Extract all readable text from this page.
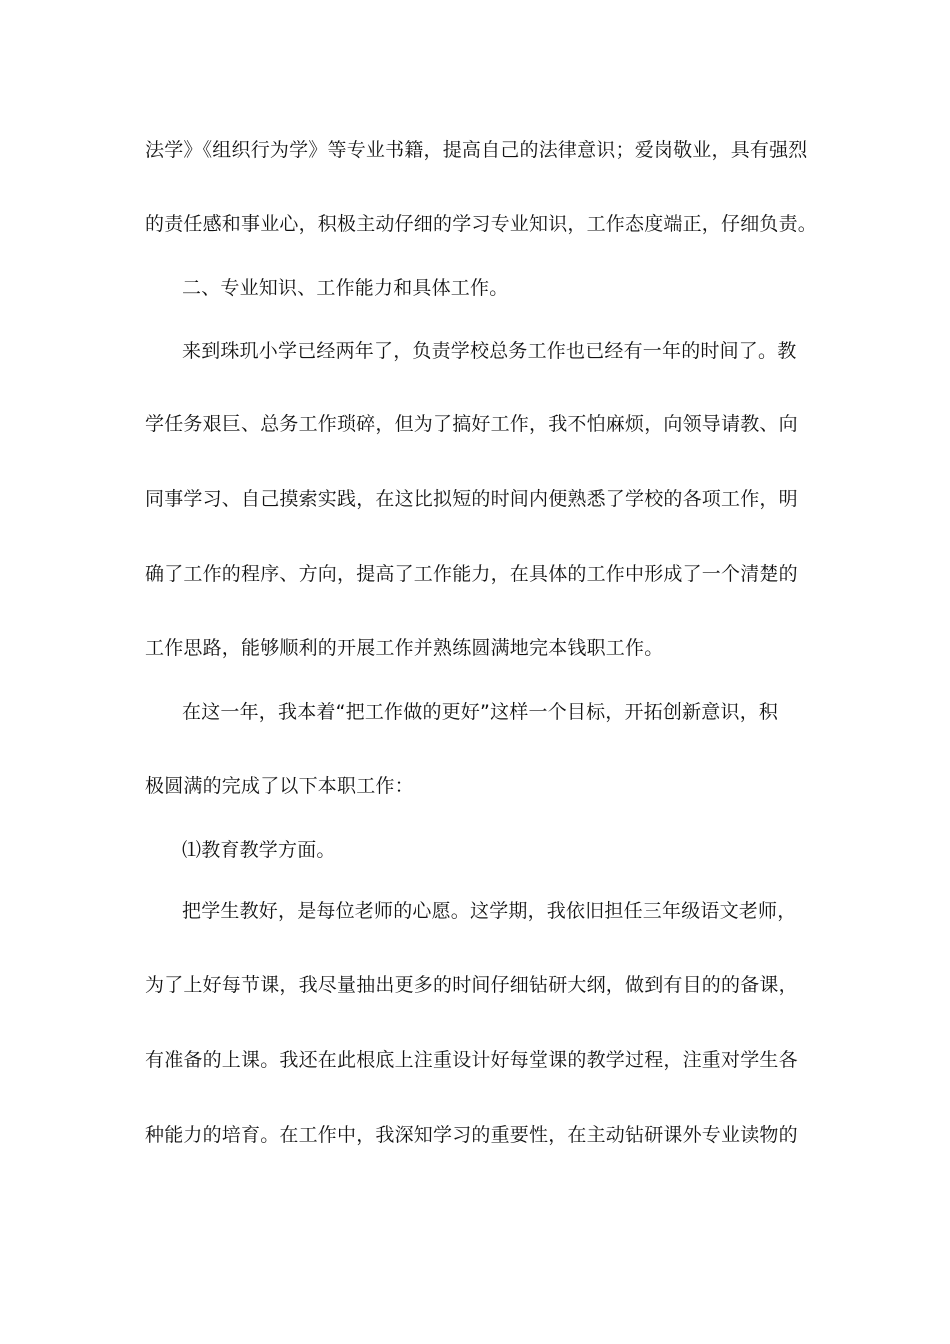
法学》《组织行为学》等专业书籍，提高自己的法律意识；爱岗敬业，具有强烈
的责任感和事业心，积极主动仔细的学习专业知识，工作态度端正，仔细负责。
二、专业知识、工作能力和具体工作。
来到珠玑小学已经两年了，负责学校总务工作也已经有一年的时间了。教
学任务艰巨、总务工作琐碎，但为了搞好工作，我不怕麻烦，向领导请教、向
同事学习、自己摸索实践，在这比拟短的时间内便熟悉了学校的各项工作，明
确了工作的程序、方向，提高了工作能力，在具体的工作中形成了一个清楚的
工作思路，能够顺利的开展工作并熟练圆满地完本钱职工作。
在这一年，我本着“把工作做的更好”这样一个目标，开拓创新意识，积
极圆满的完成了以下本职工作：
⑴教育教学方面。
把学生教好，是每位老师的心愿。这学期，我依旧担任三年级语文老师，
为了上好每节课，我尽量抽出更多的时间仔细钻研大纲，做到有目的的备课，
有准备的上课。我还在此根底上注重设计好每堂课的教学过程，注重对学生各
种能力的培育。在工作中，我深知学习的重要性，在主动钻研课外专业读物的
